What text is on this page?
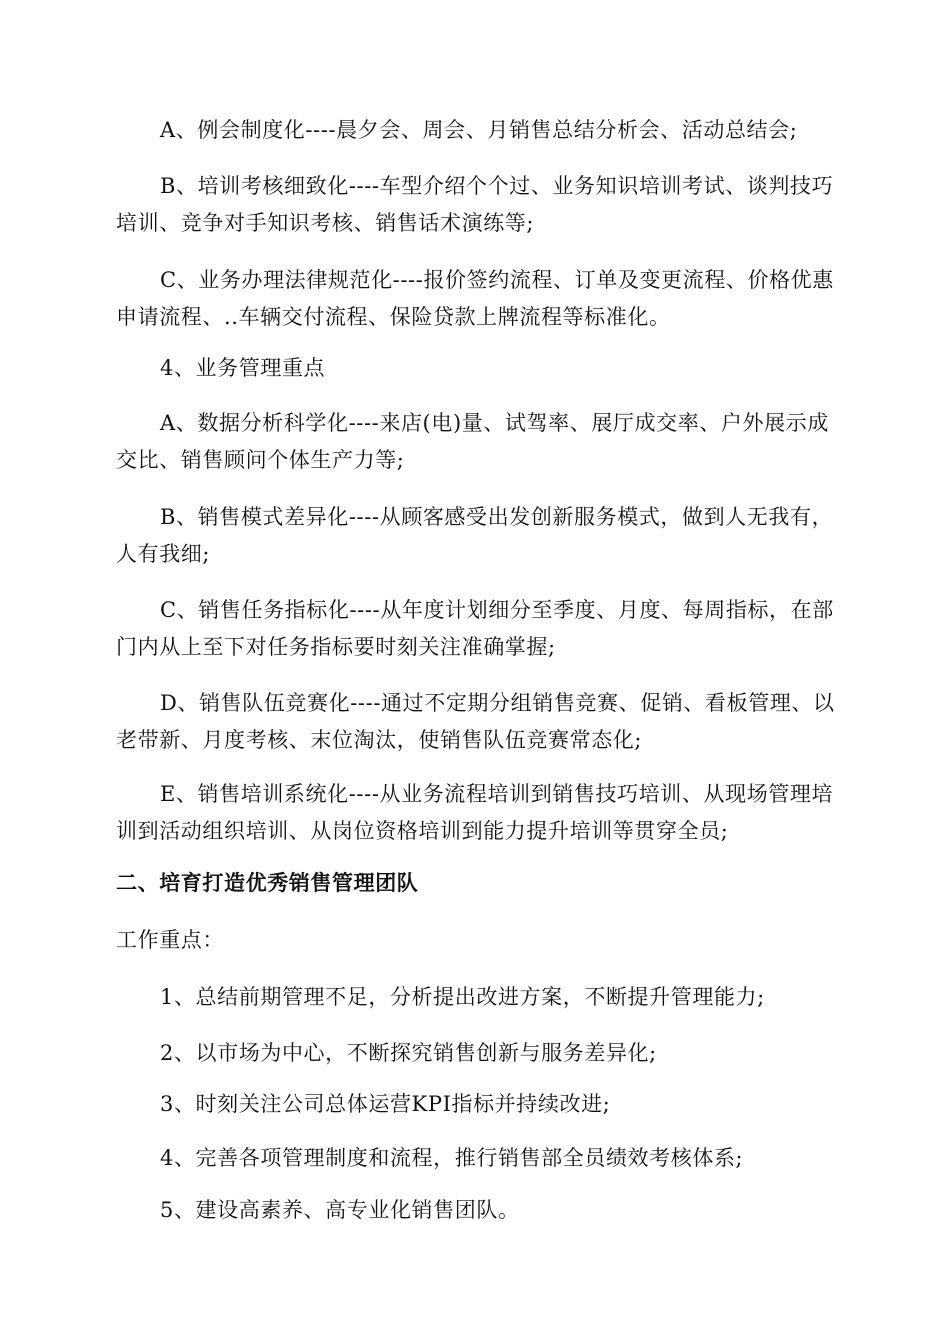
A、例会制度化----晨夕会、周会、月销售总结分析会、活动总结会;

B、培训考核细致化----车型介绍个个过、业务知识培训考试、谈判技巧培训、竞争对手知识考核、销售话术演练等;

C、业务办理法律规范化----报价签约流程、订单及变更流程、价格优惠申请流程、..车辆交付流程、保险贷款上牌流程等标准化。

4、业务管理重点

A、数据分析科学化----来店(电)量、试驾率、展厅成交率、户外展示成交比、销售顾问个体生产力等;

B、销售模式差异化----从顾客感受出发创新服务模式，做到人无我有，人有我细;

C、销售任务指标化----从年度计划细分至季度、月度、每周指标，在部门内从上至下对任务指标要时刻关注准确掌握;

D、销售队伍竞赛化----通过不定期分组销售竞赛、促销、看板管理、以老带新、月度考核、末位淘汰，使销售队伍竞赛常态化;

E、销售培训系统化----从业务流程培训到销售技巧培训、从现场管理培训到活动组织培训、从岗位资格培训到能力提升培训等贯穿全员;

二、培育打造优秀销售管理团队

工作重点：

1、总结前期管理不足，分析提出改进方案，不断提升管理能力;

2、以市场为中心，不断探究销售创新与服务差异化;

3、时刻关注公司总体运营KPI指标并持续改进;

4、完善各项管理制度和流程，推行销售部全员绩效考核体系;

5、建设高素养、高专业化销售团队。
